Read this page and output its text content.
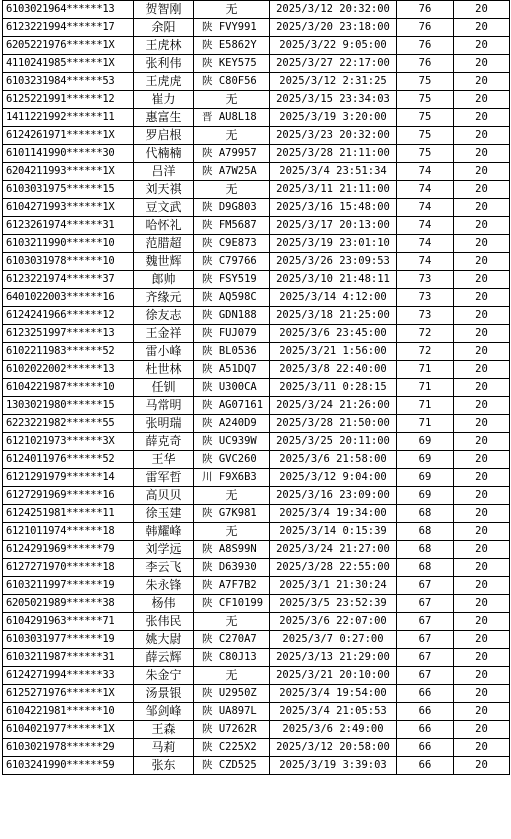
6103021964******13	贺智刚	无	2025/3/12 20:32:00	76	20
6123221994******17	余阳	陕 FVY991	2025/3/20 23:18:00	76	20
6205221976******1X	王虎林	陕 E5862Y	2025/3/22 9:05:00	76	20
4110241985******1X	张利伟	陕 KEY575	2025/3/27 22:17:00	76	20
6103231984******53	王虎虎	陕 C80F56	2025/3/12 2:31:25	75	20
6125221991******12	崔力	无	2025/3/15 23:34:03	75	20
1411221992******11	惠富生	晋 AU8L18	2025/3/19 3:20:00	75	20
6124261971******1X	罗启根	无	2025/3/23 20:32:00	75	20
6101141990******30	代楠楠	陕 A79957	2025/3/28 21:11:00	75	20
6204211993******1X	吕洋	陕 A7W25A	2025/3/4 23:51:34	74	20
6103031975******15	刘天祺	无	2025/3/11 21:11:00	74	20
6104271993******1X	豆文武	陕 D9G803	2025/3/16 15:48:00	74	20
6123261974******31	哈怀礼	陕 FM5687	2025/3/17 20:13:00	74	20
6103211990******10	范腊超	陕 C9E873	2025/3/19 23:01:10	74	20
6103031978******10	魏世辉	陕 C79766	2025/3/26 23:09:53	74	20
6123221974******37	郎帅	陕 FSY519	2025/3/10 21:48:11	73	20
6401022003******16	齐缘元	陕 AQ598C	2025/3/14 4:12:00	73	20
6124241966******12	徐友志	陕 GDN188	2025/3/18 21:25:00	73	20
6123251997******13	王金祥	陕 FUJ079	2025/3/6 23:45:00	72	20
6102211983******52	雷小峰	陕 BL0536	2025/3/21 1:56:00	72	20
6102022002******13	杜世林	陕 A51DQ7	2025/3/8 22:40:00	71	20
6104221987******10	任钏	陕 U300CA	2025/3/11 0:28:15	71	20
1303021980******15	马常明	陕 AG07161	2025/3/24 21:26:00	71	20
6223221982******55	张明瑞	陕 A240D9	2025/3/28 21:50:00	71	20
6121021973******3X	薛克奇	陕 UC939W	2025/3/25 20:11:00	69	20
6124011976******52	王华	陕 GVC260	2025/3/6 21:58:00	69	20
6121291979******14	雷军哲	川 F9X6B3	2025/3/12 9:04:00	69	20
6127291969******16	高贝贝	无	2025/3/16 23:09:00	69	20
6124251981******11	徐玉建	陕 G7K981	2025/3/4 19:34:00	68	20
6121011974******18	韩耀峰	无	2025/3/14 0:15:39	68	20
6124291969******79	刘学远	陕 A8S99N	2025/3/24 21:27:00	68	20
6127271970******18	李云飞	陕 D63930	2025/3/28 22:55:00	68	20
6103211997******19	朱永锋	陕 A7F7B2	2025/3/1 21:30:24	67	20
6205021989******38	杨伟	陕 CF10199	2025/3/5 23:52:39	67	20
6104291963******71	张伟民	无	2025/3/6 22:07:00	67	20
6103031977******19	姚大尉	陕 C270A7	2025/3/7 0:27:00	67	20
6103211987******31	薛云辉	陕 C80J13	2025/3/13 21:29:00	67	20
6124271994******33	朱金宁	无	2025/3/21 20:10:00	67	20
6125271976******1X	汤景银	陕 U2950Z	2025/3/4 19:54:00	66	20
6104221981******10	邹剑峰	陕 UA897L	2025/3/4 21:05:53	66	20
6104021977******1X	王森	陕 U7262R	2025/3/6 2:49:00	66	20
6103021978******29	马莉	陕 C225X2	2025/3/12 20:58:00	66	20
6103241990******59	张东	陕 CZD525	2025/3/19 3:39:03	66	20
